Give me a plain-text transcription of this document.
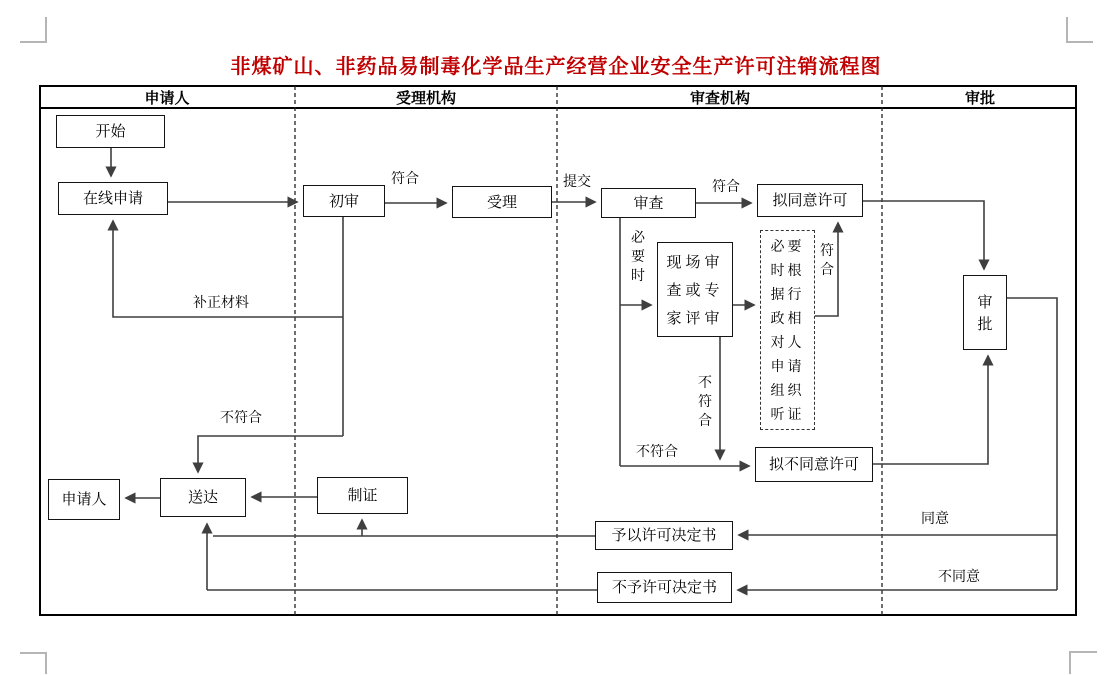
非煤矿山、非药品易制毒化学品生产经营企业安全生产许可注销流程图
申请人	受理机构	审查机构	审批
开始
在线申请	初审	受理	审查	拟同意许可
现场审查或专家评审
必要时根据行政相对人申请组织听证
拟不同意许可
审批
予以许可决定书
不予许可决定书
申请人	送达	制证
符合	提交	符合
必要时
不符合
符合
不符合
补正材料
不符合
同意
不同意
